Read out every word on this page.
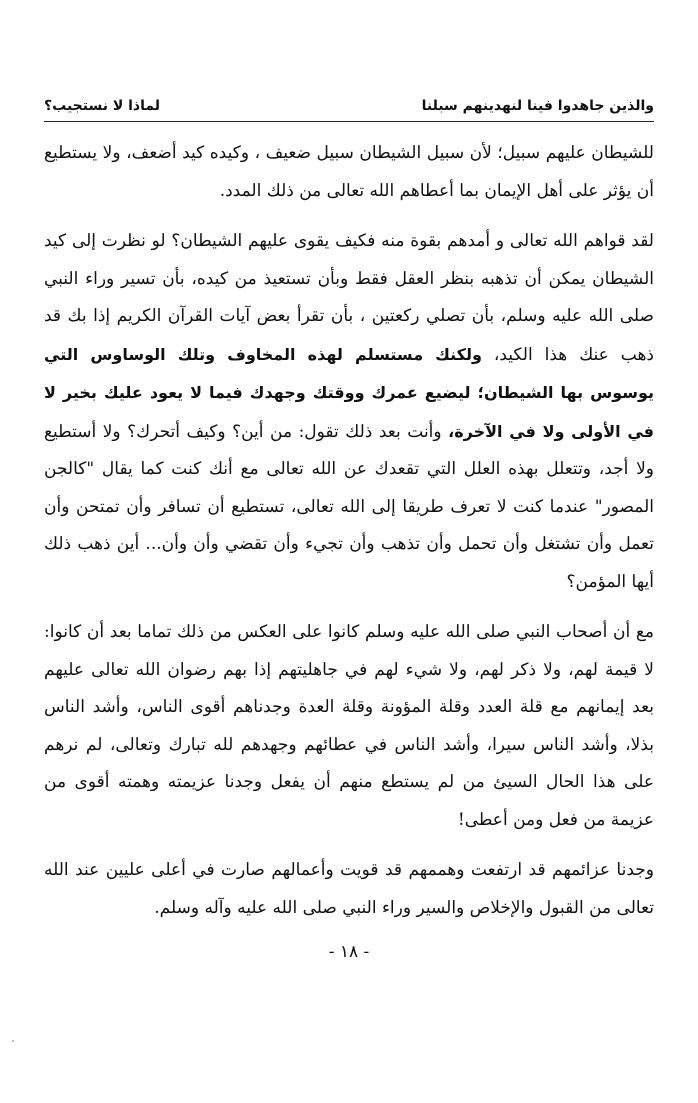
والذين جاهدوا فينا لنهدينهم سبلنا
لماذا لا نستجيب؟

للشيطان عليهم سبيل؛ لأن سبيل الشيطان سبيل ضعيف ، وكيده كيد أضعف، ولا يستطيع أن يؤثر على أهل الإيمان بما أعطاهم الله تعالى من ذلك المدد.

لقد قواهم الله تعالى و أمدهم بقوة منه فكيف يقوى عليهم الشيطان؟ لو نظرت إلى كيد الشيطان يمكن أن تذهبه بنظر العقل فقط وبأن تستعيذ من كيده، بأن تسير وراء النبي صلى الله عليه وسلم، بأن تصلي ركعتين ، بأن تقرأ بعض آيات القرآن الكريم إذا بك قد ذهب عنك هذا الكيد، ولكنك مستسلم لهذه المخاوف وتلك الوساوس التي يوسوس بها الشيطان؛ ليضيع عمرك ووقتك وجهدك فيما لا يعود عليك بخير لا في الأولى ولا في الآخرة، وأنت بعد ذلك تقول: من أين؟ وكيف أتحرك؟ ولا أستطيع ولا أجد، وتتعلل بهذه العلل التي تقعدك عن الله تعالى مع أنك كنت كما يقال "كالجن المصور" عندما كنت لا تعرف طريقا إلى الله تعالى، تستطيع أن تسافر وأن تمتحن وأن تعمل وأن تشتغل وأن تحمل وأن تذهب وأن تجيء وأن تقضي وأن وأن... أين ذهب ذلك أيها المؤمن؟

مع أن أصحاب النبي صلى الله عليه وسلم كانوا على العكس من ذلك تماما بعد أن كانوا: لا قيمة لهم، ولا ذكر لهم، ولا شيء لهم في جاهليتهم إذا بهم رضوان الله تعالى عليهم بعد إيمانهم مع قلة العدد وقلة المؤونة وقلة العدة وجدناهم أقوى الناس، وأشد الناس بذلا، وأشد الناس سيرا، وأشد الناس في عطائهم وجهدهم لله تبارك وتعالى، لم نرهم على هذا الحال السيئ من لم يستطع منهم أن يفعل وجدنا عزيمته وهمته أقوى من عزيمة من فعل ومن أعطى!

وجدنا عزائمهم قد ارتفعت وهممهم قد قويت وأعمالهم صارت في أعلى عليين عند الله تعالى من القبول والإخلاص والسير وراء النبي صلى الله عليه وآله وسلم.

- ١٨ -
